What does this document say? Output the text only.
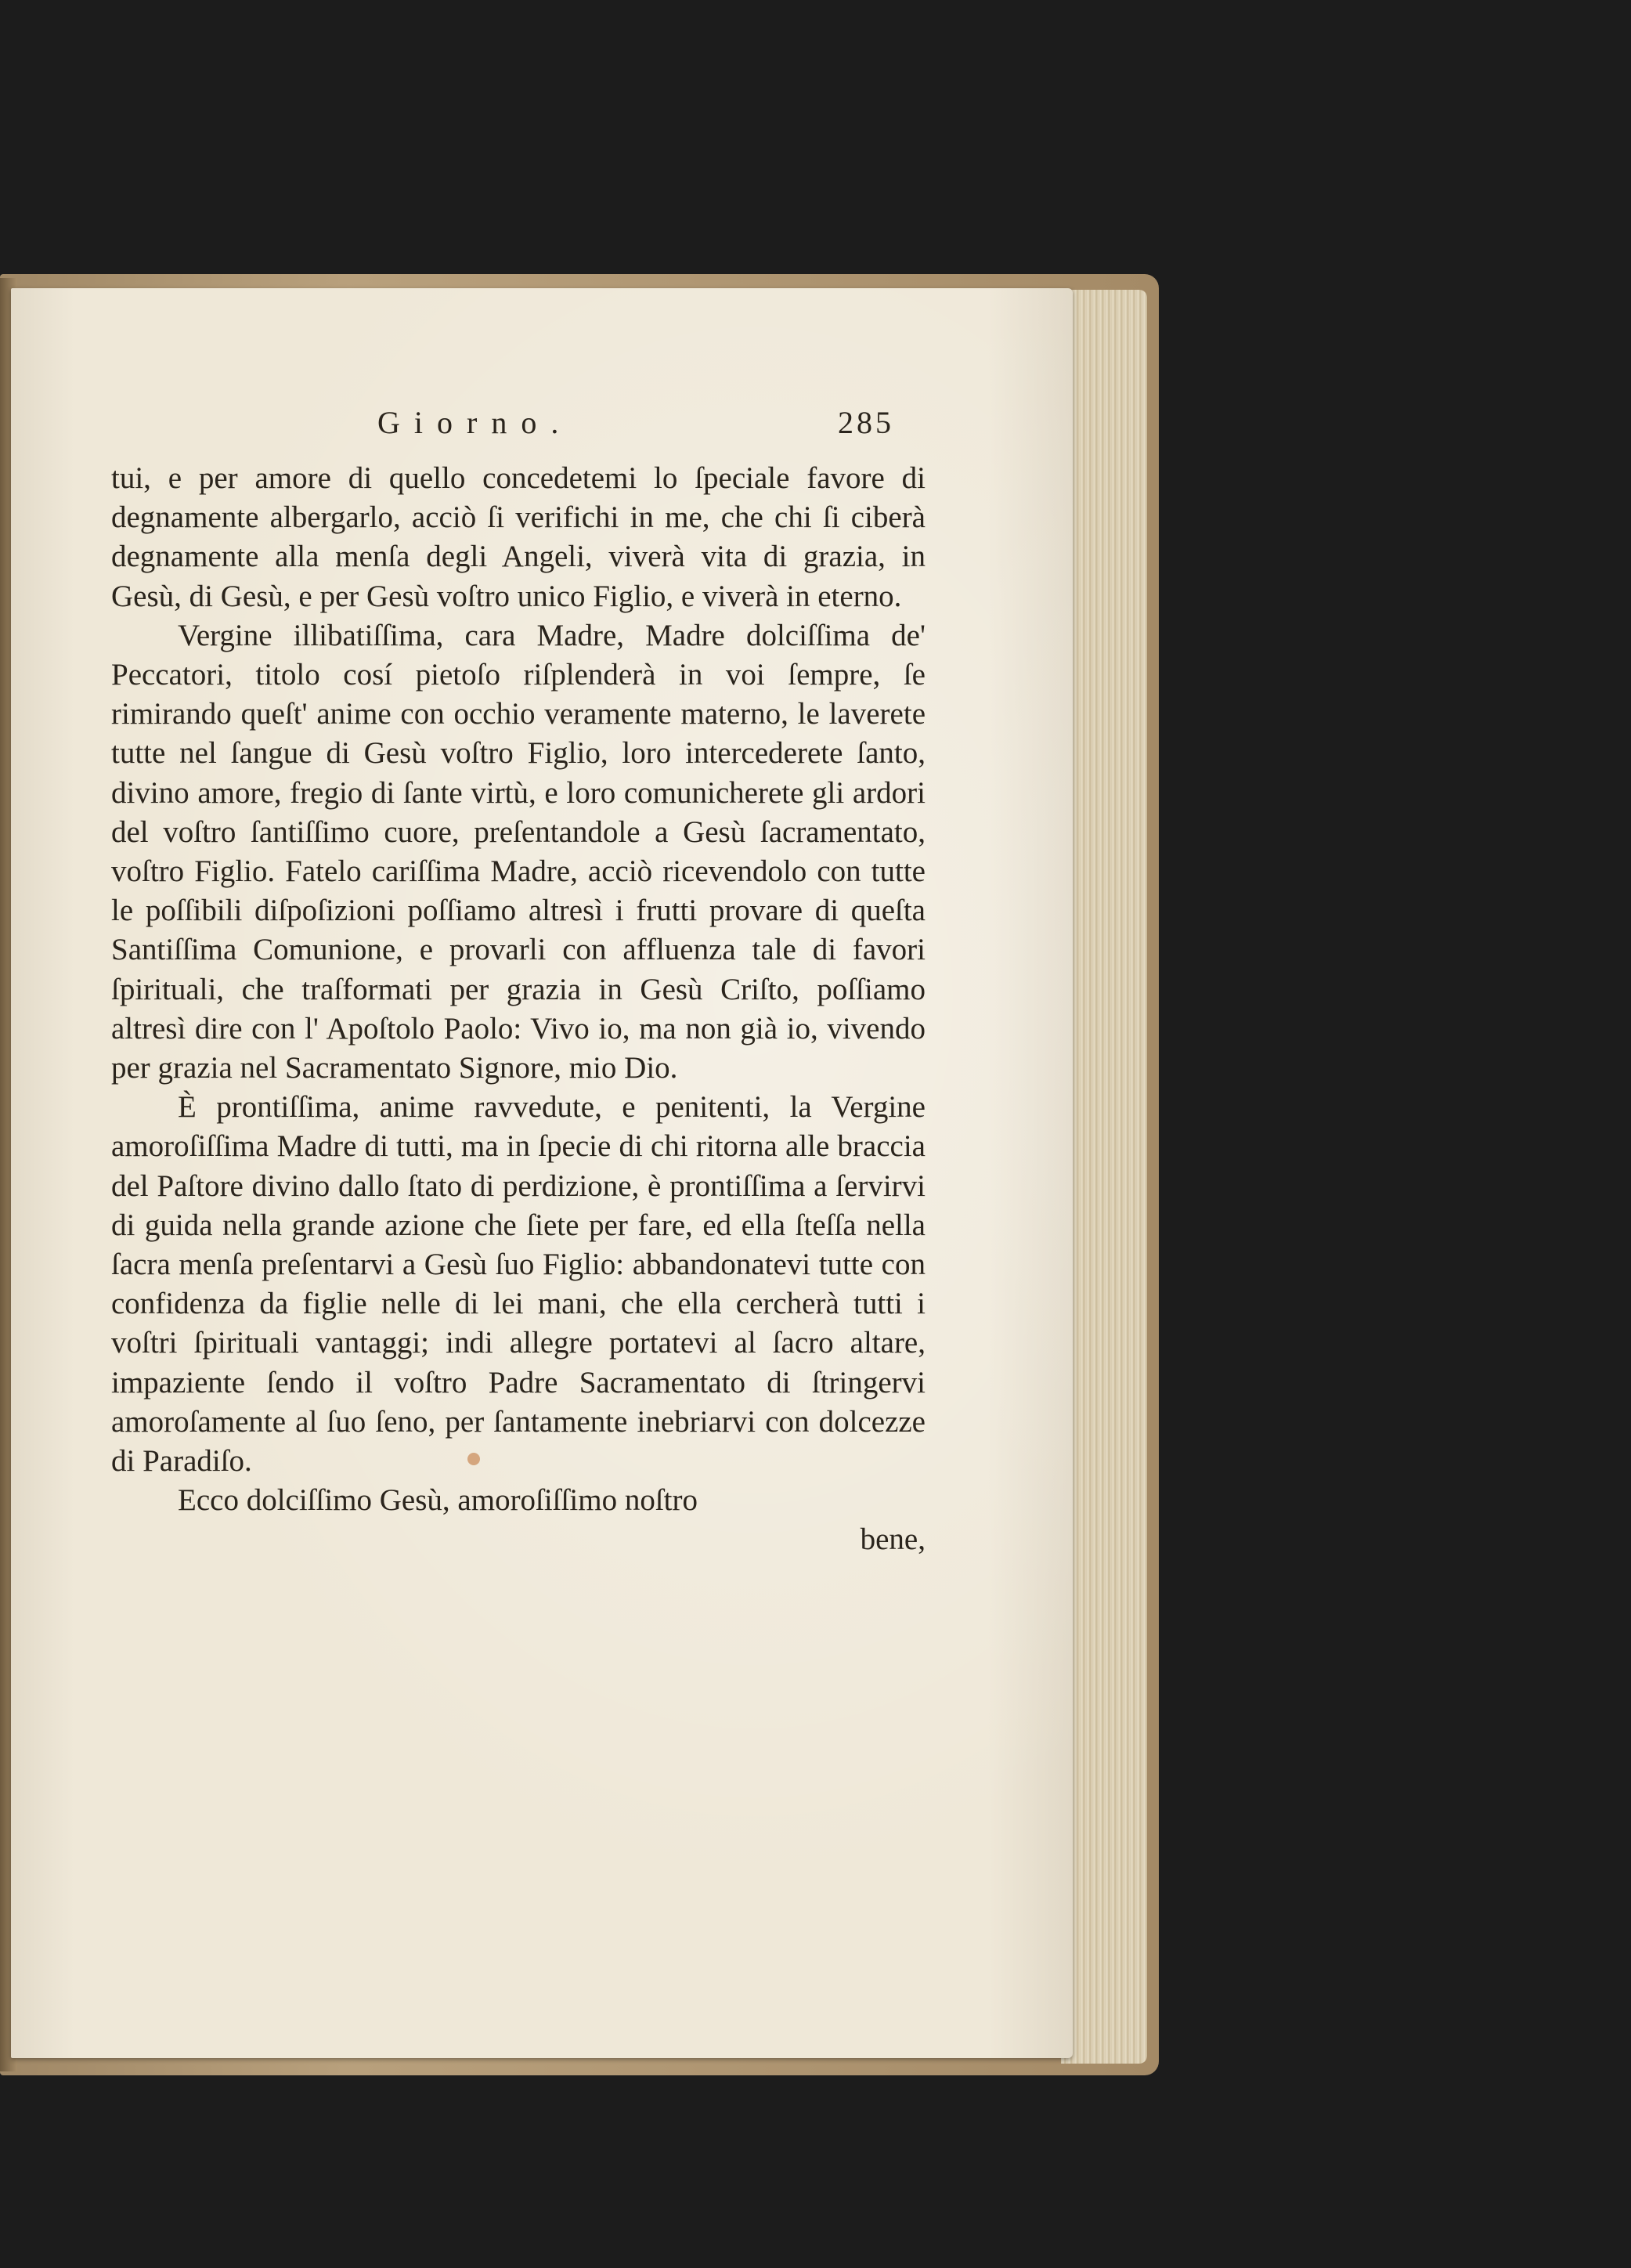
Giorno.	285

tui, e per amore di quello concedetemi lo ſpeciale favore di degnamente albergarlo, acciò ſi verifichi in me, che chi ſi ciberà degnamente alla menſa degli Angeli, viverà vita di grazia, in Gesù, di Gesù, e per Gesù voſtro unico Figlio, e viverà in eterno.

Vergine illibatiſſima, cara Madre, Madre dolciſſima de' Peccatori, titolo cosí pietoſo riſplenderà in voi ſempre, ſe rimirando queſt' anime con occhio veramente materno, le laverete tutte nel ſangue di Gesù voſtro Figlio, loro intercederete ſanto, divino amore, fregio di ſante virtù, e loro comunicherete gli ardori del voſtro ſantiſſimo cuore, preſentandole a Gesù ſacramentato, voſtro Figlio. Fatelo cariſſima Madre, acciò ricevendolo con tutte le poſſibili diſpoſizioni poſſiamo altresì i frutti provare di queſta Santiſſima Comunione, e provarli con affluenza tale di favori ſpirituali, che traſformati per grazia in Gesù Criſto, poſſiamo altresì dire con l' Apoſtolo Paolo: Vivo io, ma non già io, vivendo per grazia nel Sacramentato Signore, mio Dio.

È prontiſſima, anime ravvedute, e penitenti, la Vergine amoroſiſſima Madre di tutti, ma in ſpecie di chi ritorna alle braccia del Paſtore divino dallo ſtato di perdizione, è prontiſſima a ſervirvi di guida nella grande azione che ſiete per fare, ed ella ſteſſa nella ſacra menſa preſentarvi a Gesù ſuo Figlio: abbandonatevi tutte con confidenza da figlie nelle di lei mani, che ella cercherà tutti i voſtri ſpirituali vantaggi; indi allegre portatevi al ſacro altare, impaziente ſendo il voſtro Padre Sacramentato di ſtringervi amoroſamente al ſuo ſeno, per ſantamente inebriarvi con dolcezze di Paradiſo.

Ecco dolciſſimo Gesù, amoroſiſſimo noſtro

bene,
